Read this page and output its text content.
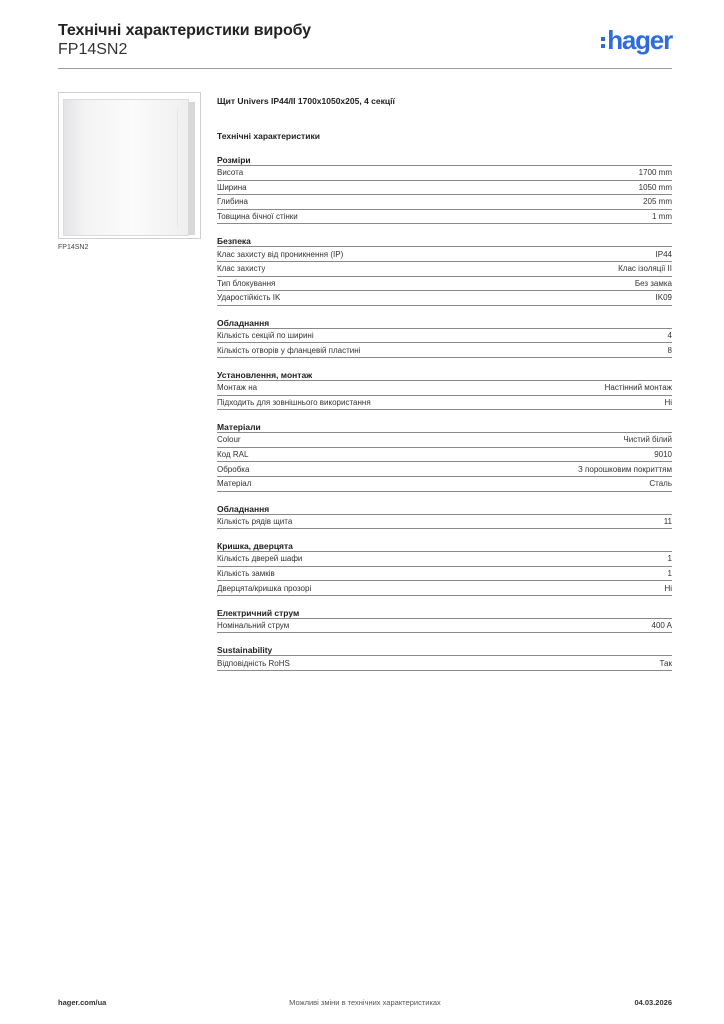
Технічні характеристики виробу
FP14SN2	hager
FP14SN2
Щит Univers IP44/II 1700x1050x205, 4 секції
Технічні характеристики
Розміри
Висота	1700 mm
Ширина	1050 mm
Глибина	205 mm
Товщина бічної стінки	1 mm
Безпека
Клас захисту від проникнення (IP)	IP44
Клас захисту	Клас ізоляції II
Тип блокування	Без замка
Ударостійкість IK	IK09
Обладнання
Кількість секцій по ширині	4
Кількість отворів у фланцевій пластині	8
Установлення, монтаж
Монтаж на	Настінний монтаж
Підходить для зовнішнього використання	Ні
Матеріали
Colour	Чистий білий
Код RAL	9010
Обробка	З порошковим покриттям
Матеріал	Сталь
Обладнання
Кількість рядів щита	11
Кришка, дверцята
Кількість дверей шафи	1
Кількість замків	1
Дверцята/кришка прозорі	Ні
Електричний струм
Номінальний струм	400 A
Sustainability
Відповідність RoHS	Так
hager.com/ua	Можливі зміни в технічних характеристиках	04.03.2026
